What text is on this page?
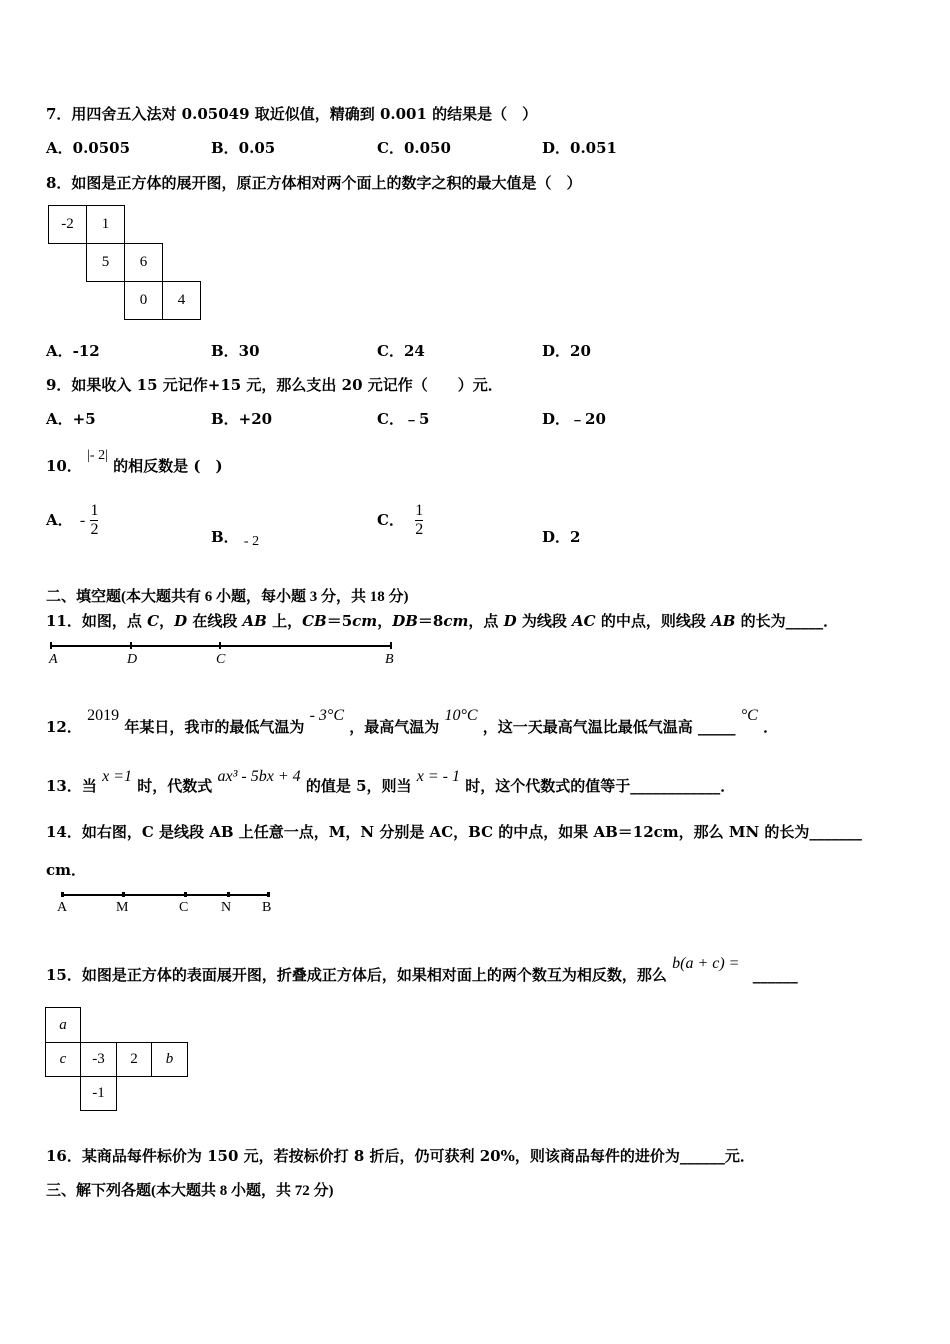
7．用四舍五入法对 0.05049 取近似值，精确到 0.001 的结果是（　）
A．0.0505	B．0.05	C．0.050	D．0.051
8．如图是正方体的展开图，原正方体相对两个面上的数字之积的最大值是（　）
-2	1
5	6
0	4
A．-12	B．30	C．24	D．20
9．如果收入 15 元记作+15 元，那么支出 20 元记作（　　）元．
A．+5	B．+20	C．﹣5	D．﹣20
10． |- 2| 的相反数是 (　)
A． - $\frac{1}{2}$	B． - 2
C． $\frac{1}{2}$	D．2
二、填空题(本大题共有 6 小题，每小题 3 分，共 18 分)
11．如图，点 C，D 在线段 AB 上，CB＝5cm，DB＝8cm，点 D 为线段 AC 的中点，则线段 AB 的长为_____．
A	D	C	B
12． 2019 年某日，我市的最低气温为 - 3°C ，最高气温为 10°C ，这一天最高气温比最低气温高 _____ °C ．
13．当 x =1 时，代数式 ax³ - 5bx + 4 的值是 5，则当 x = - 1 时，这个代数式的值等于____________．
14．如右图，C 是线段 AB 上任意一点，M，N 分别是 AC，BC 的中点，如果 AB＝12cm，那么 MN 的长为_______
cm．
A	M	C N B
15．如图是正方体的表面展开图，折叠成正方体后，如果相对面上的两个数互为相反数，那么 b(a + c) = ______
a
c	-3	2	b
-1
16．某商品每件标价为 150 元，若按标价打 8 折后，仍可获利 20%，则该商品每件的进价为______元．
三、解下列各题(本大题共 8 小题，共 72 分)
